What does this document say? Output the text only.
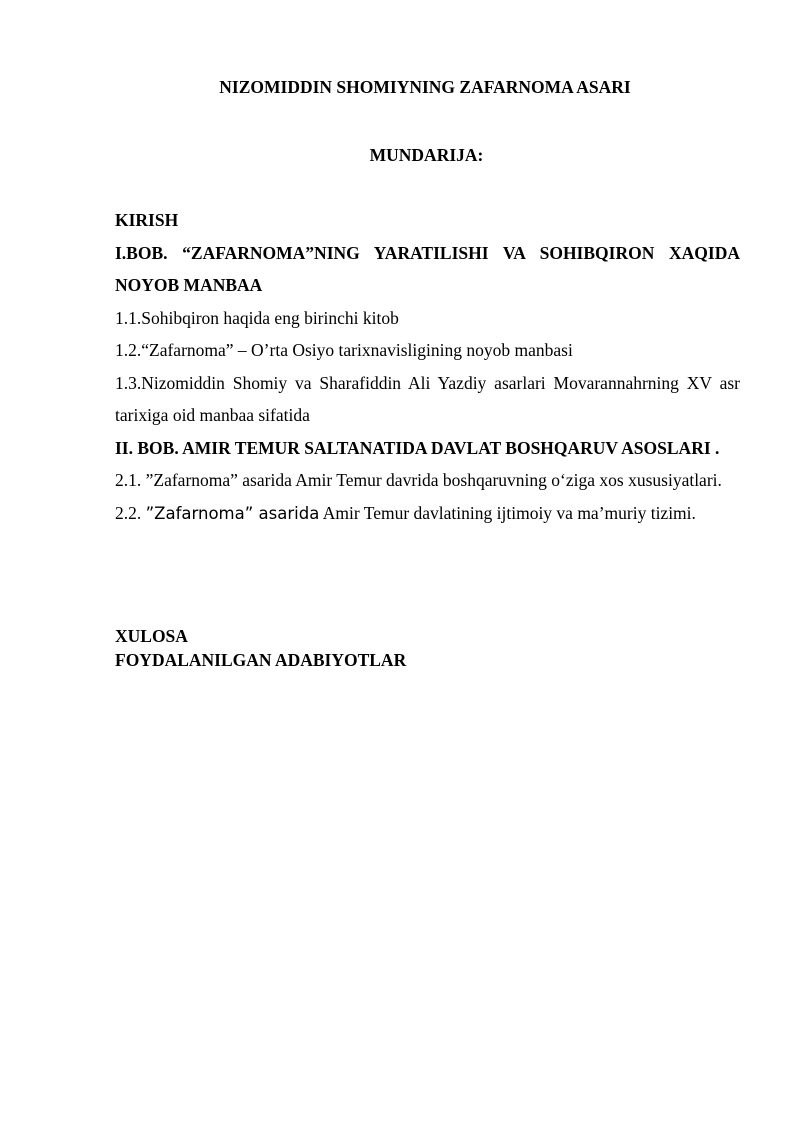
NIZOMIDDIN SHOMIYNING ZAFARNOMA ASARI
MUNDARIJA:

KIRISH

I.BOB. “ZAFARNOMA”NING YARATILISHI VA SOHIBQIRON XAQIDA NOYOB MANBAA

1.1.Sohibqiron haqida eng birinchi kitob

1.2.“Zafarnoma” – O’rta Osiyo tarixnavisligining noyob manbasi

1.3.Nizomiddin Shomiy va Sharafiddin Ali Yazdiy asarlari Movarannahrning XV asr tarixiga oid manbaa sifatida

II. BOB. AMIR TEMUR SALTANATIDA DAVLAT BOSHQARUV ASOSLARI .

2.1. ”Zafarnoma” asarida Amir Temur davrida boshqaruvning o‘ziga xos xususiyatlari.

2.2. ”Zafarnoma” asarida Amir Temur davlatining ijtimoiy va ma’muriy tizimi.

XULOSA
FOYDALANILGAN ADABIYOTLAR
